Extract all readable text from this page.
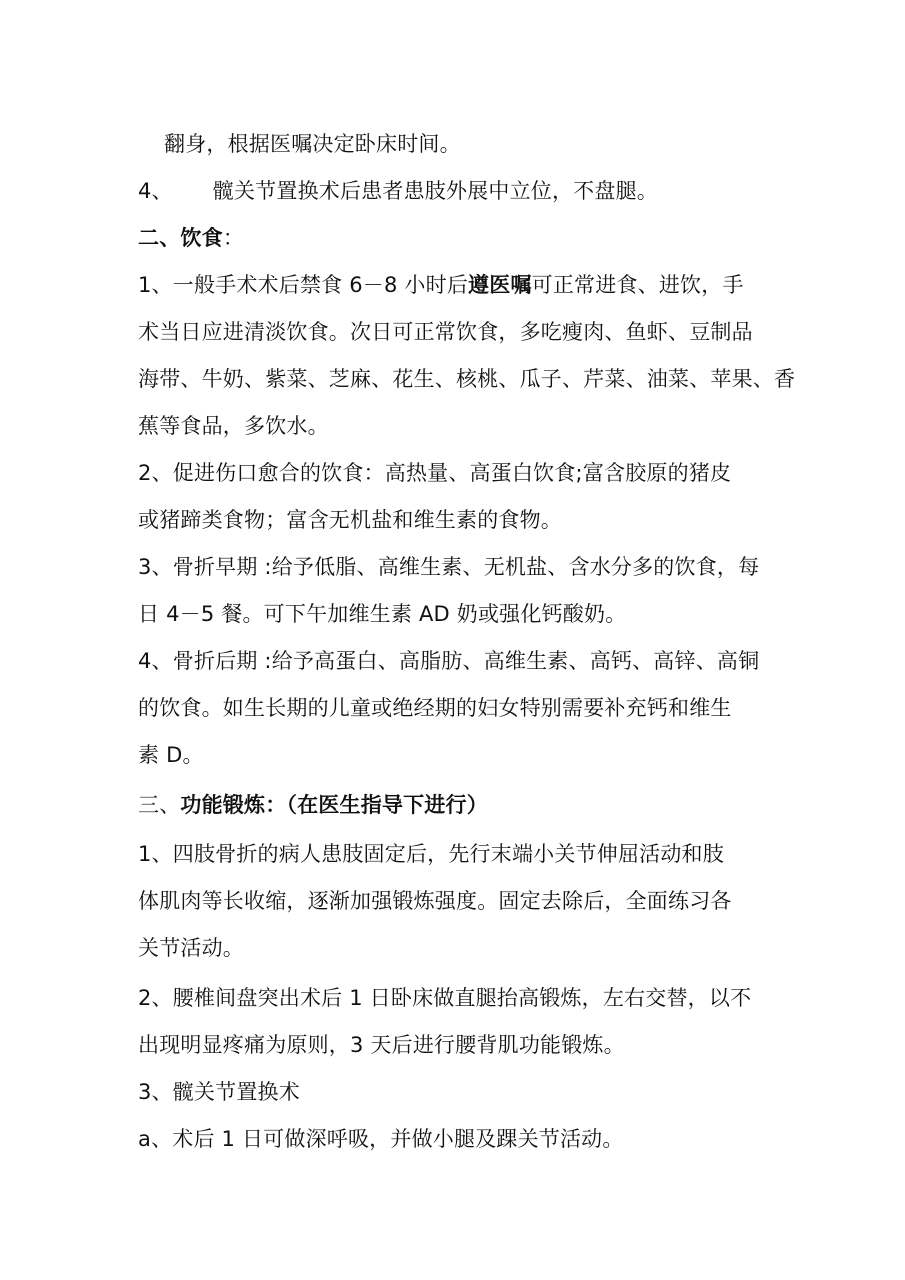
翻身，根据医嘱决定卧床时间。
4、 髋关节置换术后患者患肢外展中立位，不盘腿。
二、饮食：
1、一般手术术后禁食 6－8 小时后遵医嘱可正常进食、进饮，手
术当日应进清淡饮食。次日可正常饮食，多吃瘦肉、鱼虾、豆制品
海带、牛奶、紫菜、芝麻、花生、核桃、瓜子、芹菜、油菜、苹果、香
蕉等食品，多饮水。
2、促进伤口愈合的饮食：高热量、高蛋白饮食;富含胶原的猪皮
或猪蹄类食物；富含无机盐和维生素的食物。
3、骨折早期 :给予低脂、高维生素、无机盐、含水分多的饮食，每
日 4－5 餐。可下午加维生素 AD 奶或强化钙酸奶。
4、骨折后期 :给予高蛋白、高脂肪、高维生素、高钙、高锌、高铜
的饮食。如生长期的儿童或绝经期的妇女特别需要补充钙和维生
素 D。
三、功能锻炼：（在医生指导下进行）
1、四肢骨折的病人患肢固定后，先行末端小关节伸屈活动和肢
体肌肉等长收缩，逐渐加强锻炼强度。固定去除后，全面练习各
关节活动。
2、腰椎间盘突出术后 1 日卧床做直腿抬高锻炼，左右交替，以不
出现明显疼痛为原则，3 天后进行腰背肌功能锻炼。
3、髋关节置换术
a、术后 1 日可做深呼吸，并做小腿及踝关节活动。
